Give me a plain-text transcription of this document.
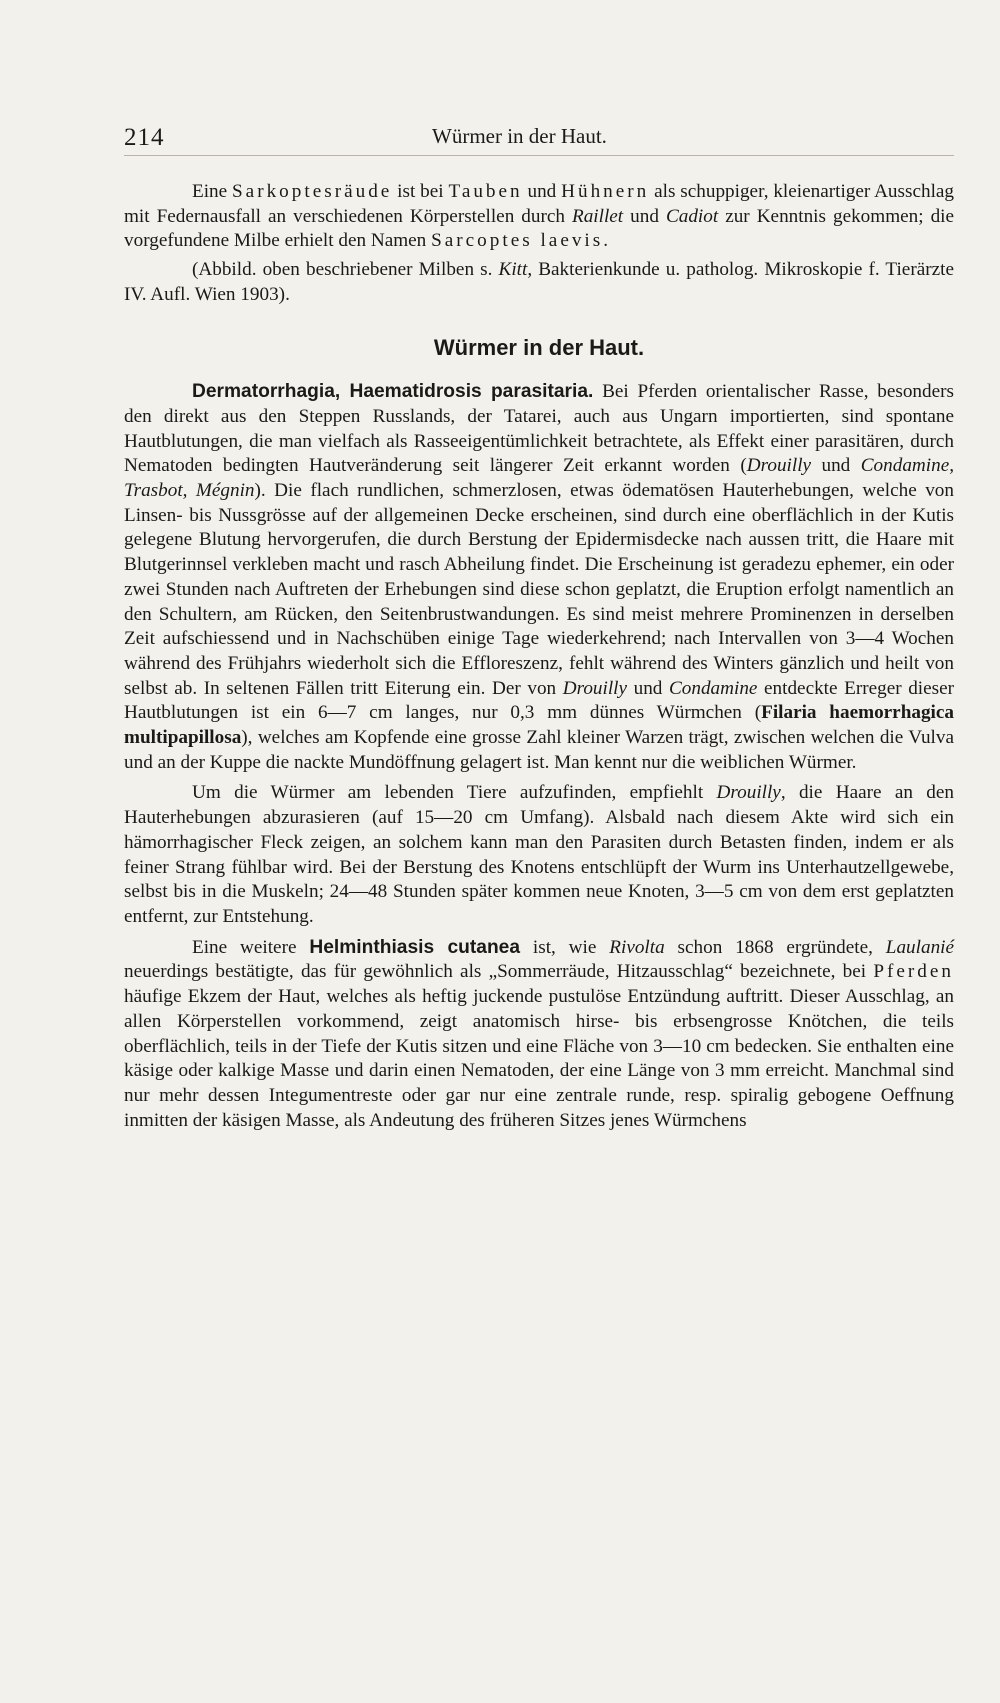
214	Würmer in der Haut.

Eine Sarkoptesräude ist bei Tauben und Hühnern als schuppiger, kleienartiger Ausschlag mit Federnausfall an verschiedenen Körperstellen durch Raillet und Cadiot zur Kenntnis gekommen; die vorgefundene Milbe erhielt den Namen Sarcoptes laevis.

(Abbild. oben beschriebener Milben s. Kitt, Bakterienkunde u. patholog. Mikroskopie f. Tierärzte IV. Aufl. Wien 1903).

Würmer in der Haut.

Dermatorrhagia, Haematidrosis parasitaria. Bei Pferden orientalischer Rasse, besonders den direkt aus den Steppen Russlands, der Tatarei, auch aus Ungarn importierten, sind spontane Hautblutungen, die man vielfach als Rasseeigentümlichkeit betrachtete, als Effekt einer parasitären, durch Nematoden bedingten Hautveränderung seit längerer Zeit erkannt worden (Drouilly und Condamine, Trasbot, Mégnin). Die flach rundlichen, schmerzlosen, etwas ödematösen Hauterhebungen, welche von Linsen- bis Nussgrösse auf der allgemeinen Decke erscheinen, sind durch eine oberflächlich in der Kutis gelegene Blutung hervorgerufen, die durch Berstung der Epidermisdecke nach aussen tritt, die Haare mit Blutgerinnsel verkleben macht und rasch Abheilung findet. Die Erscheinung ist geradezu ephemer, ein oder zwei Stunden nach Auftreten der Erhebungen sind diese schon geplatzt, die Eruption erfolgt namentlich an den Schultern, am Rücken, den Seitenbrustwandungen. Es sind meist mehrere Prominenzen in derselben Zeit aufschiessend und in Nachschüben einige Tage wiederkehrend; nach Intervallen von 3—4 Wochen während des Frühjahrs wiederholt sich die Effloreszenz, fehlt während des Winters gänzlich und heilt von selbst ab. In seltenen Fällen tritt Eiterung ein. Der von Drouilly und Condamine entdeckte Erreger dieser Hautblutungen ist ein 6—7 cm langes, nur 0,3 mm dünnes Würmchen (Filaria haemorrhagica multipapillosa), welches am Kopfende eine grosse Zahl kleiner Warzen trägt, zwischen welchen die Vulva und an der Kuppe die nackte Mundöffnung gelagert ist. Man kennt nur die weiblichen Würmer.

Um die Würmer am lebenden Tiere aufzufinden, empfiehlt Drouilly, die Haare an den Hauterhebungen abzurasieren (auf 15—20 cm Umfang). Alsbald nach diesem Akte wird sich ein hämorrhagischer Fleck zeigen, an solchem kann man den Parasiten durch Betasten finden, indem er als feiner Strang fühlbar wird. Bei der Berstung des Knotens entschlüpft der Wurm ins Unterhautzellgewebe, selbst bis in die Muskeln; 24—48 Stunden später kommen neue Knoten, 3—5 cm von dem erst geplatzten entfernt, zur Entstehung.

Eine weitere Helminthiasis cutanea ist, wie Rivolta schon 1868 ergründete, Laulanié neuerdings bestätigte, das für gewöhnlich als „Sommerräude, Hitzausschlag“ bezeichnete, bei Pferden häufige Ekzem der Haut, welches als heftig juckende pustulöse Entzündung auftritt. Dieser Ausschlag, an allen Körperstellen vorkommend, zeigt anatomisch hirse- bis erbsengrosse Knötchen, die teils oberflächlich, teils in der Tiefe der Kutis sitzen und eine Fläche von 3—10 cm bedecken. Sie enthalten eine käsige oder kalkige Masse und darin einen Nematoden, der eine Länge von 3 mm erreicht. Manchmal sind nur mehr dessen Integumentreste oder gar nur eine zentrale runde, resp. spiralig gebogene Oeffnung inmitten der käsigen Masse, als Andeutung des früheren Sitzes jenes Würmchens
